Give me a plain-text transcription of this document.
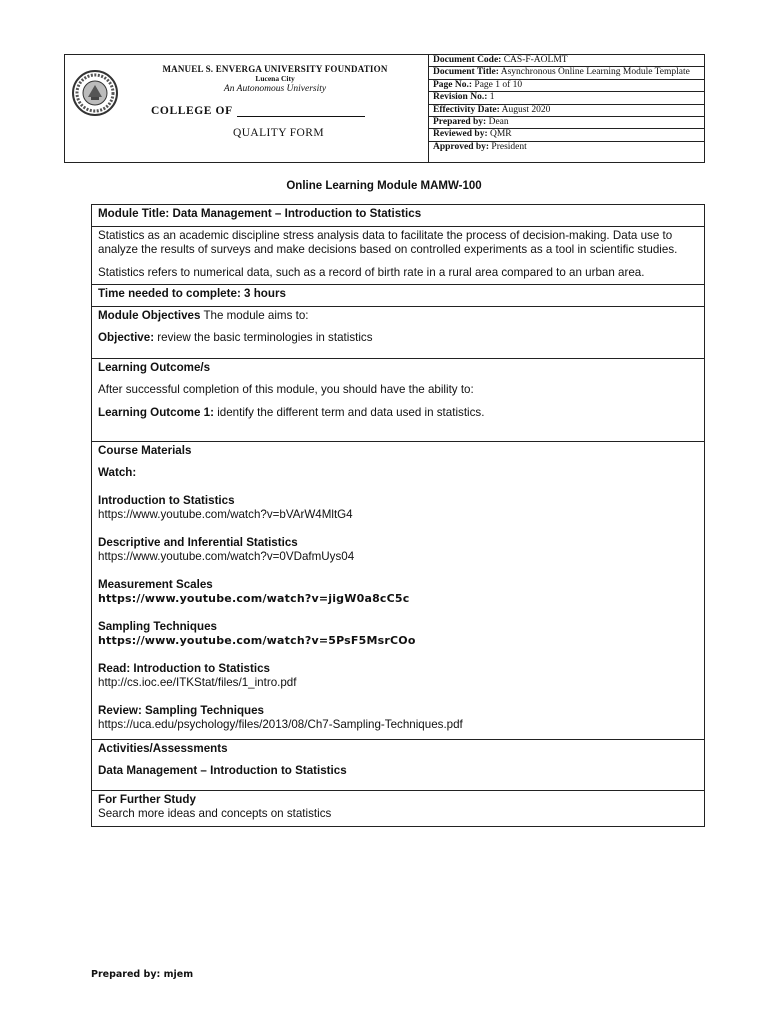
MANUEL S. ENVERGA UNIVERSITY FOUNDATION
Lucena City
An Autonomous University
COLLEGE OF
QUALITY FORM
Document Code: CAS-F-AOLMT
Document Title: Asynchronous Online Learning Module Template
Page No.: Page 1 of 10
Revision No.: 1
Effectivity Date: August 2020
Prepared by: Dean
Reviewed by: QMR
Approved by: President
Online Learning Module MAMW-100
Module Title: Data Management – Introduction to Statistics
Statistics as an academic discipline stress analysis data to facilitate the process of decision-making. Data use to analyze the results of surveys and make decisions based on controlled experiments as a tool in scientific studies.
Statistics refers to numerical data, such as a record of birth rate in a rural area compared to an urban area.
Time needed to complete: 3 hours
Module Objectives The module aims to:
Objective: review the basic terminologies in statistics
Learning Outcome/s
After successful completion of this module, you should have the ability to:
Learning Outcome 1: identify the different term and data used in statistics.
Course Materials
Watch:
Introduction to Statistics
https://www.youtube.com/watch?v=bVArW4MltG4
Descriptive and Inferential Statistics
https://www.youtube.com/watch?v=0VDafmUys04
Measurement Scales
https://www.youtube.com/watch?v=jigW0a8cC5c
Sampling Techniques
https://www.youtube.com/watch?v=5PsF5MsrCOo
Read: Introduction to Statistics
http://cs.ioc.ee/ITKStat/files/1_intro.pdf
Review: Sampling Techniques
https://uca.edu/psychology/files/2013/08/Ch7-Sampling-Techniques.pdf
Activities/Assessments
Data Management – Introduction to Statistics
For Further Study
Search more ideas and concepts on statistics
Prepared by: mjem
